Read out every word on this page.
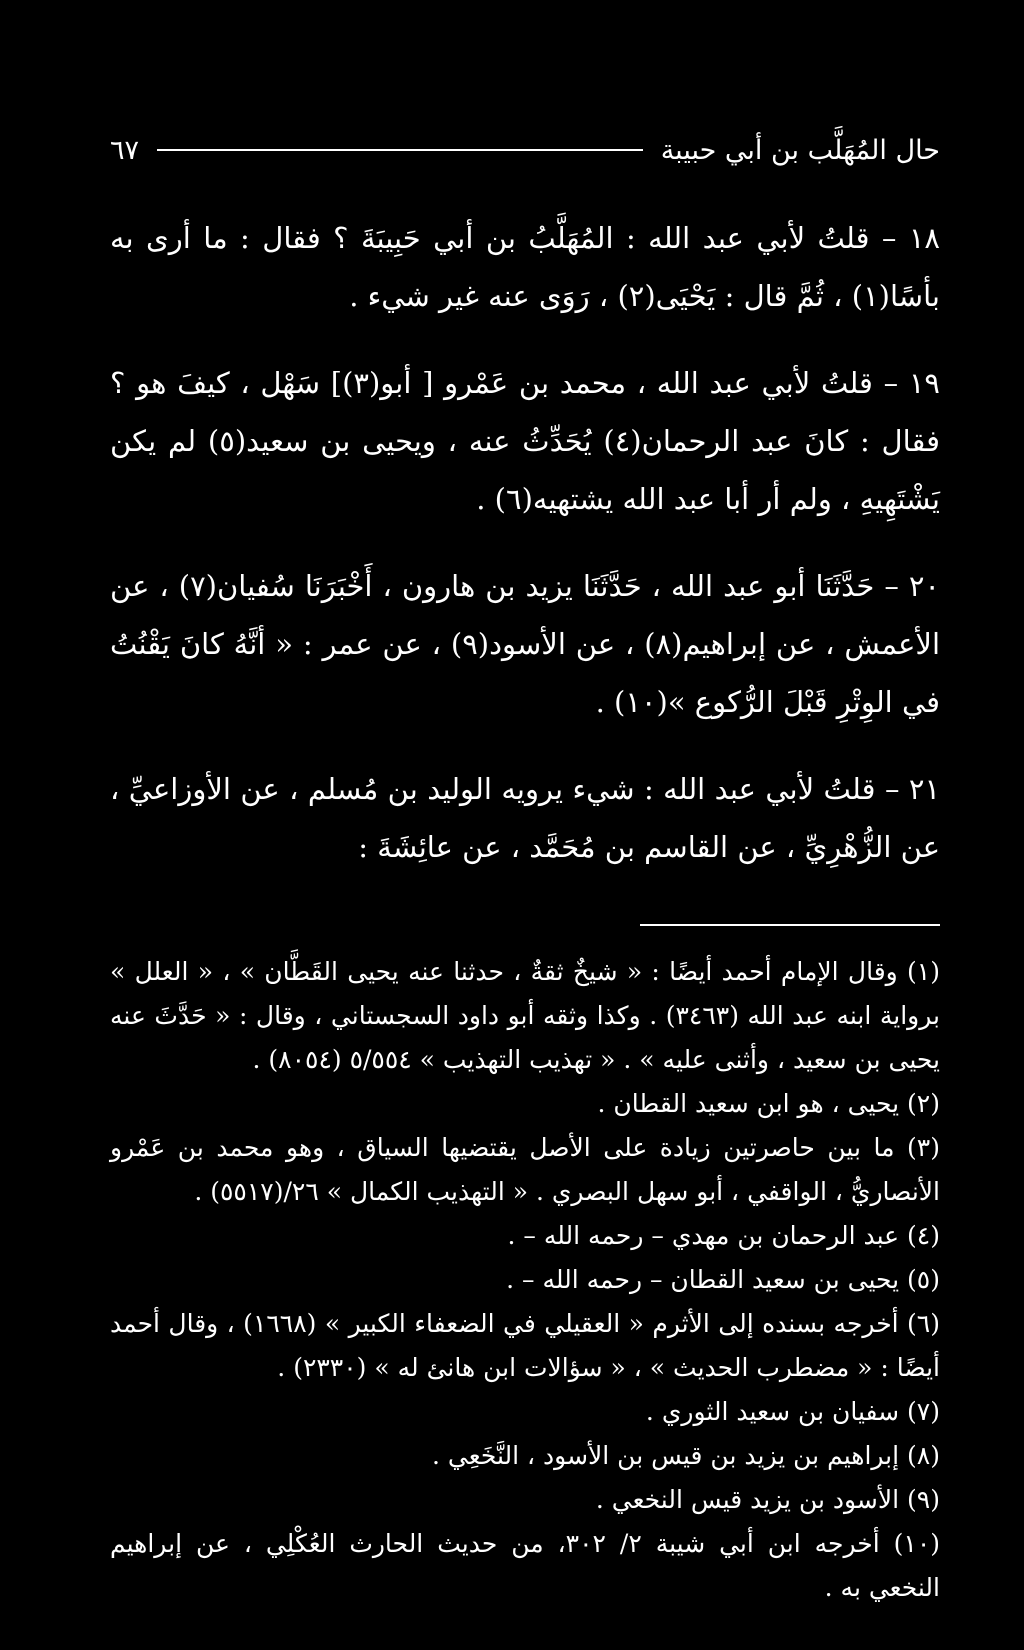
حال المُهَلَّب بن أبي حبيبة
٦٧

١٨ – قلتُ لأبي عبد الله : المُهَلَّبُ بن أبي حَبِيبَةَ ؟ فقال : ما أرى به بأسًا(١) ، ثُمَّ قال : يَحْيَى(٢) ، رَوَى عنه غير شيء .

١٩ – قلتُ لأبي عبد الله ، محمد بن عَمْرو [ أبو(٣)] سَهْل ، كيفَ هو ؟ فقال : كانَ عبد الرحمان(٤) يُحَدِّثُ عنه ، ويحيى بن سعيد(٥) لم يكن يَشْتَهِيهِ ، ولم أر أبا عبد الله يشتهيه(٦) .

٢٠ – حَدَّثَنَا أبو عبد الله ، حَدَّثَنَا يزيد بن هارون ، أَخْبَرَنَا سُفيان(٧) ، عن الأعمش ، عن إبراهيم(٨) ، عن الأسود(٩) ، عن عمر : « أنَّهُ كانَ يَقْنُتُ في الوِتْرِ قَبْلَ الرُّكوع »(١٠) .

٢١ – قلتُ لأبي عبد الله : شيء يرويه الوليد بن مُسلم ، عن الأوزاعيِّ ، عن الزُّهْرِيِّ ، عن القاسم بن مُحَمَّد ، عن عائِشَةَ :

(١) وقال الإمام أحمد أيضًا : « شيخٌ ثقةٌ ، حدثنا عنه يحيى القَطَّان » ، « العلل » برواية ابنه عبد الله (٣٤٦٣) . وكذا وثقه أبو داود السجستاني ، وقال : « حَدَّثَ عنه يحيى بن سعيد ، وأثنى عليه » . « تهذيب التهذيب » ٥/٥٥٤ (٨٠٥٤) .
(٢) يحيى ، هو ابن سعيد القطان .
(٣) ما بين حاصرتين زيادة على الأصل يقتضيها السياق ، وهو محمد بن عَمْرو الأنصاريُّ ، الواقفي ، أبو سهل البصري . « التهذيب الكمال » ٢٦/(٥٥١٧) .
(٤) عبد الرحمان بن مهدي – رحمه الله – .
(٥) يحيى بن سعيد القطان – رحمه الله – .
(٦) أخرجه بسنده إلى الأثرم « العقيلي في الضعفاء الكبير » (١٦٦٨) ، وقال أحمد أيضًا : « مضطرب الحديث » ، « سؤالات ابن هانئ له » (٢٣٣٠) .
(٧) سفيان بن سعيد الثوري .
(٨) إبراهيم بن يزيد بن قيس بن الأسود ، النَّخَعِي .
(٩) الأسود بن يزيد قيس النخعي .
(١٠) أخرجه ابن أبي شيبة ٢/ ٣٠٢، من حديث الحارث العُكْلِي ، عن إبراهيم النخعي به .
